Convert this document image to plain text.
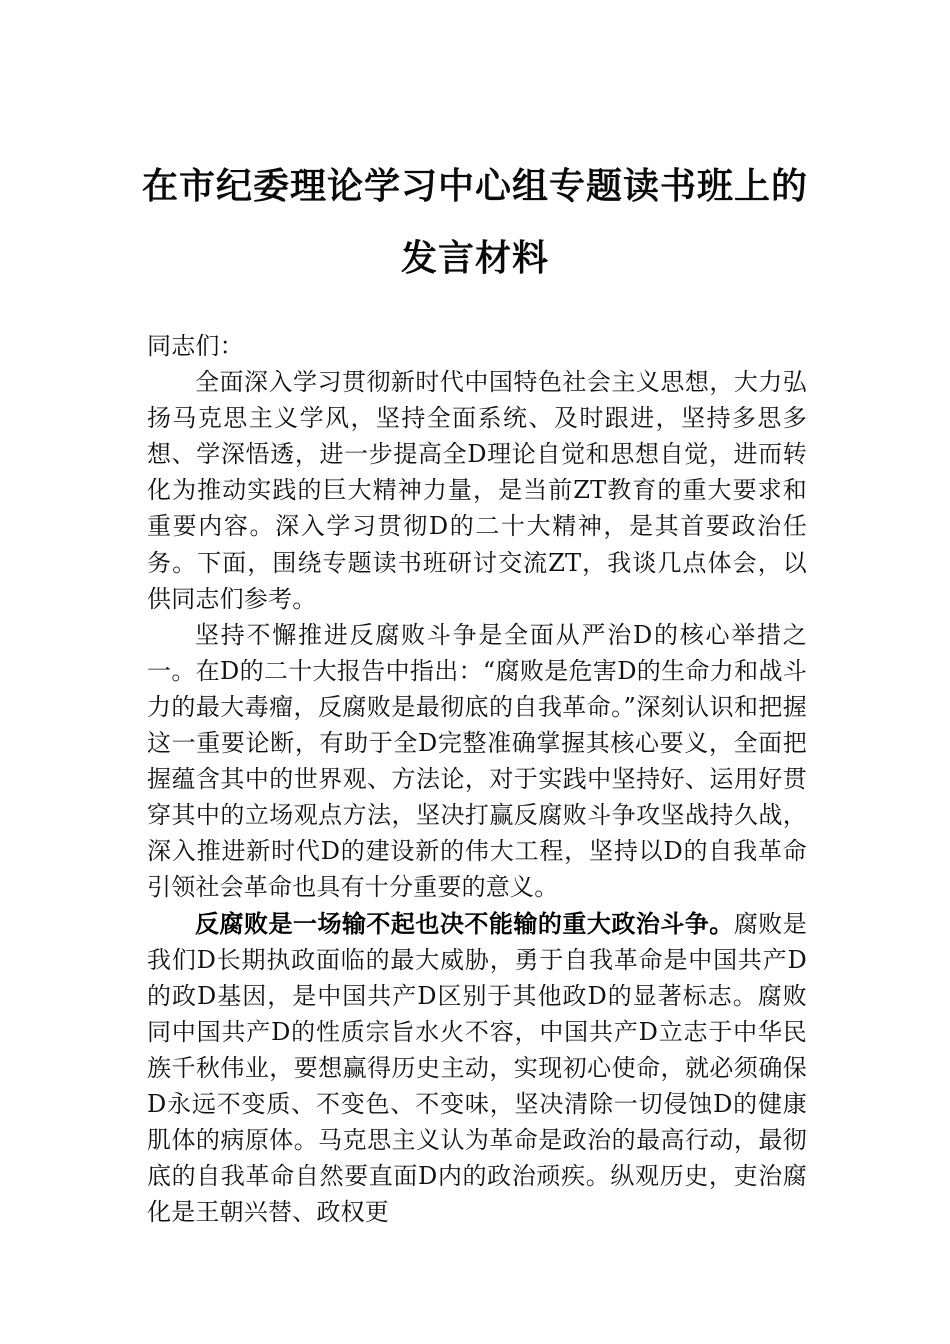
在市纪委理论学习中心组专题读书班上的
发言材料

同志们：

全面深入学习贯彻新时代中国特色社会主义思想，大力弘扬马克思主义学风，坚持全面系统、及时跟进，坚持多思多想、学深悟透，进一步提高全D理论自觉和思想自觉，进而转化为推动实践的巨大精神力量，是当前ZT教育的重大要求和重要内容。深入学习贯彻D的二十大精神，是其首要政治任务。下面，围绕专题读书班研讨交流ZT，我谈几点体会，以供同志们参考。

坚持不懈推进反腐败斗争是全面从严治D的核心举措之一。在D的二十大报告中指出：“腐败是危害D的生命力和战斗力的最大毒瘤，反腐败是最彻底的自我革命。”深刻认识和把握这一重要论断，有助于全D完整准确掌握其核心要义，全面把握蕴含其中的世界观、方法论，对于实践中坚持好、运用好贯穿其中的立场观点方法，坚决打赢反腐败斗争攻坚战持久战，深入推进新时代D的建设新的伟大工程，坚持以D的自我革命引领社会革命也具有十分重要的意义。

反腐败是一场输不起也决不能输的重大政治斗争。腐败是我们D长期执政面临的最大威胁，勇于自我革命是中国共产D的政D基因，是中国共产D区别于其他政D的显著标志。腐败同中国共产D的性质宗旨水火不容，中国共产D立志于中华民族千秋伟业，要想赢得历史主动，实现初心使命，就必须确保D永远不变质、不变色、不变味，坚决清除一切侵蚀D的健康肌体的病原体。马克思主义认为革命是政治的最高行动，最彻底的自我革命自然要直面D内的政治顽疾。纵观历史，吏治腐化是王朝兴替、政权更
